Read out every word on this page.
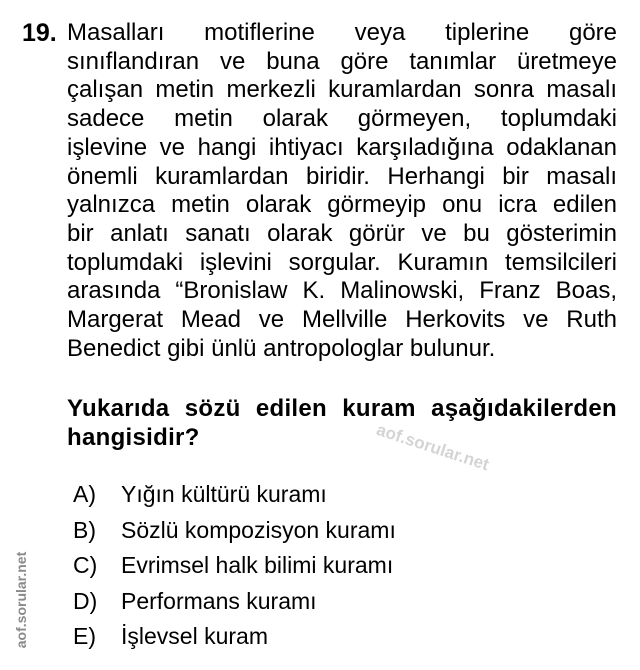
19. Masalları motiflerine veya tiplerine göre
sınıflandıran ve buna göre tanımlar üretmeye
çalışan metin merkezli kuramlardan sonra masalı
sadece metin olarak görmeyen, toplumdaki
işlevine ve hangi ihtiyacı karşıladığına odaklanan
önemli kuramlardan biridir. Herhangi bir masalı
yalnızca metin olarak görmeyip onu icra edilen
bir anlatı sanatı olarak görür ve bu gösterimin
toplumdaki işlevini sorgular. Kuramın temsilcileri
arasında “Bronislaw K. Malinowski, Franz Boas,
Margerat Mead ve Mellville Herkovits ve Ruth
Benedict gibi ünlü antropologlar bulunur.
Yukarıda sözü edilen kuram aşağıdakilerden
hangisidir?	aof.sorular.net
A)	Yığın kültürü kuramı
B)	Sözlü kompozisyon kuramı
C)	Evrimsel halk bilimi kuramı
D)	Performans kuramı
E)	İşlevsel kuram
aof.sorular.net
